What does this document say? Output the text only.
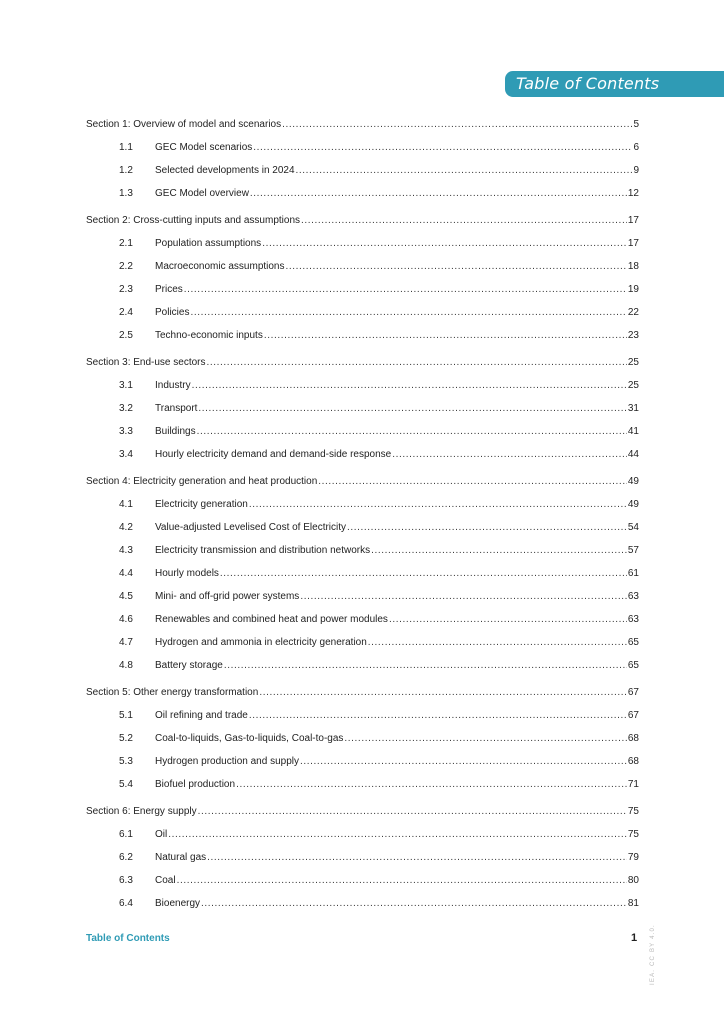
Table of Contents
Section 1: Overview of model and scenarios .....	5
1.1	GEC Model scenarios .....	6
1.2	Selected developments in 2024 .....	9
1.3	GEC Model overview .....	12
Section 2: Cross-cutting inputs and assumptions .....	17
2.1	Population assumptions .....	17
2.2	Macroeconomic assumptions .....	18
2.3	Prices .....	19
2.4	Policies .....	22
2.5	Techno-economic inputs .....	23
Section 3: End-use sectors .....	25
3.1	Industry .....	25
3.2	Transport .....	31
3.3	Buildings .....	41
3.4	Hourly electricity demand and demand-side response .....	44
Section 4: Electricity generation and heat production .....	49
4.1	Electricity generation .....	49
4.2	Value-adjusted Levelised Cost of Electricity .....	54
4.3	Electricity transmission and distribution networks .....	57
4.4	Hourly models .....	61
4.5	Mini- and off-grid power systems .....	63
4.6	Renewables and combined heat and power modules .....	63
4.7	Hydrogen and ammonia in electricity generation .....	65
4.8	Battery storage .....	65
Section 5: Other energy transformation .....	67
5.1	Oil refining and trade .....	67
5.2	Coal-to-liquids, Gas-to-liquids, Coal-to-gas .....	68
5.3	Hydrogen production and supply .....	68
5.4	Biofuel production .....	71
Section 6: Energy supply .....	75
6.1	Oil .....	75
6.2	Natural gas .....	79
6.3	Coal .....	80
6.4	Bioenergy .....	81
Table of Contents	1 IEA. CC BY 4.0.
